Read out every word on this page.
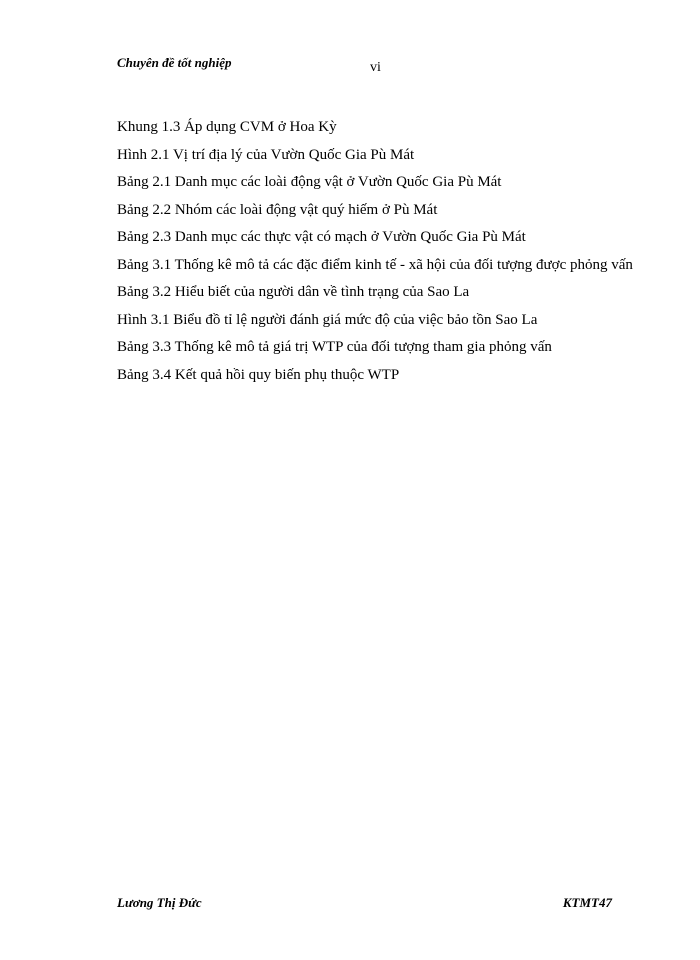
Chuyên đề tốt nghiệp	vi
Khung 1.3 Áp dụng CVM ở Hoa Kỳ
Hình 2.1 Vị trí địa lý của Vườn Quốc Gia Pù Mát
Bảng 2.1 Danh mục các loài động vật ở Vườn Quốc Gia Pù Mát
Bảng 2.2 Nhóm các loài động vật quý hiếm ở Pù Mát
Bảng 2.3 Danh mục các thực vật có mạch ở Vườn Quốc Gia Pù Mát
Bảng 3.1 Thống kê mô tả các đặc điểm kinh tế - xã hội của đối tượng được phỏng vấn
Bảng 3.2 Hiểu biết của người dân về tình trạng của Sao La
Hình 3.1 Biểu đồ tỉ lệ người đánh giá mức độ của việc bảo tồn Sao La
Bảng 3.3 Thống kê mô tả giá trị WTP của đối tượng tham gia phỏng vấn
Bảng 3.4 Kết quả hồi quy biến phụ thuộc WTP
Lương Thị Đức	KTMT47
